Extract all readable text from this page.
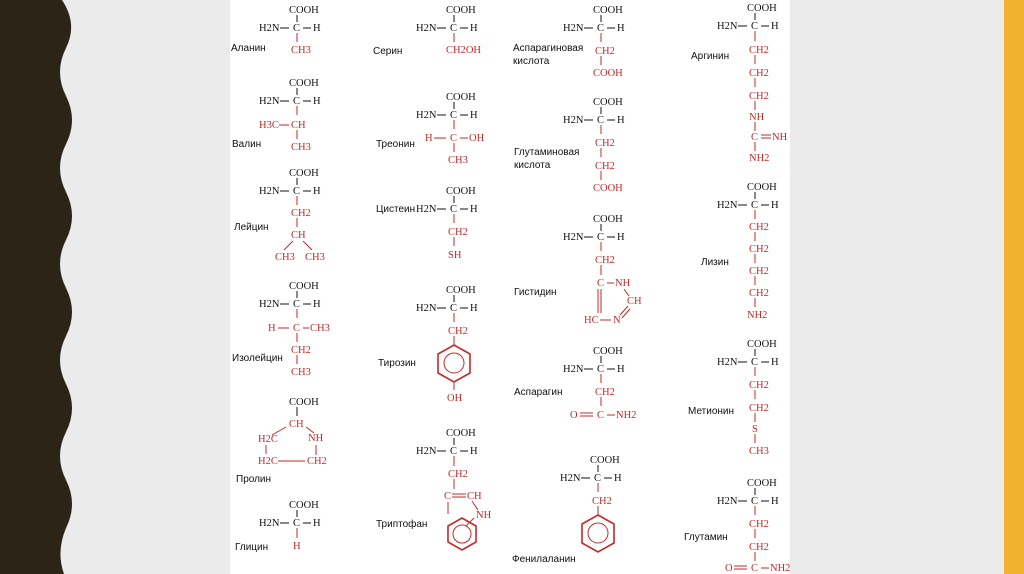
COOH
H2N C H
CH3
COOH
H2N C H
H3C CH
CH3
COOH
H2N C H
CH2
CH
CH3 CH3
COOH
H2N C H
H C CH3
CH2
CH3
COOH
CH
NH
H2C
H2C	CH2
COOH
H2N C H
H
COOH
H2N C H
CH2OH
COOH
H2N C H
H C OH
CH3
COOH
H2N C H
CH2
SH
COOH
H2N C H
CH2
OH
COOH
H2N C H
CH2
C CH
NH
COOH
H2N C H
CH2
COOH
COOH
H2N C H
CH2
CH2
COOH
COOH
H2N C H
CH2
C NH
CH
HC N
COOH
H2N C H
CH2
O C NH2
COOH
H2N C H
CH2
COOH
H2N C H
CH2
CH2
CH2
NH
C NH
NH2
COOH
H2N C H
CH2
CH2
CH2
CH2
NH2
COOH
H2N C H
CH2
CH2
S
CH3
COOH
H2N C H
CH2
CH2
O C NH2
Аланин
Валин
Лейцин
Изолейцин
Пролин
Глицин
Серин
Треонин
Цистеин
Тирозин
Триптофан
Аспарагиновая
кислота
Глутаминовая
кислота
Гистидин
Аспарагин
Фенилаланин
Аргинин
Лизин
Метионин
Глутамин
